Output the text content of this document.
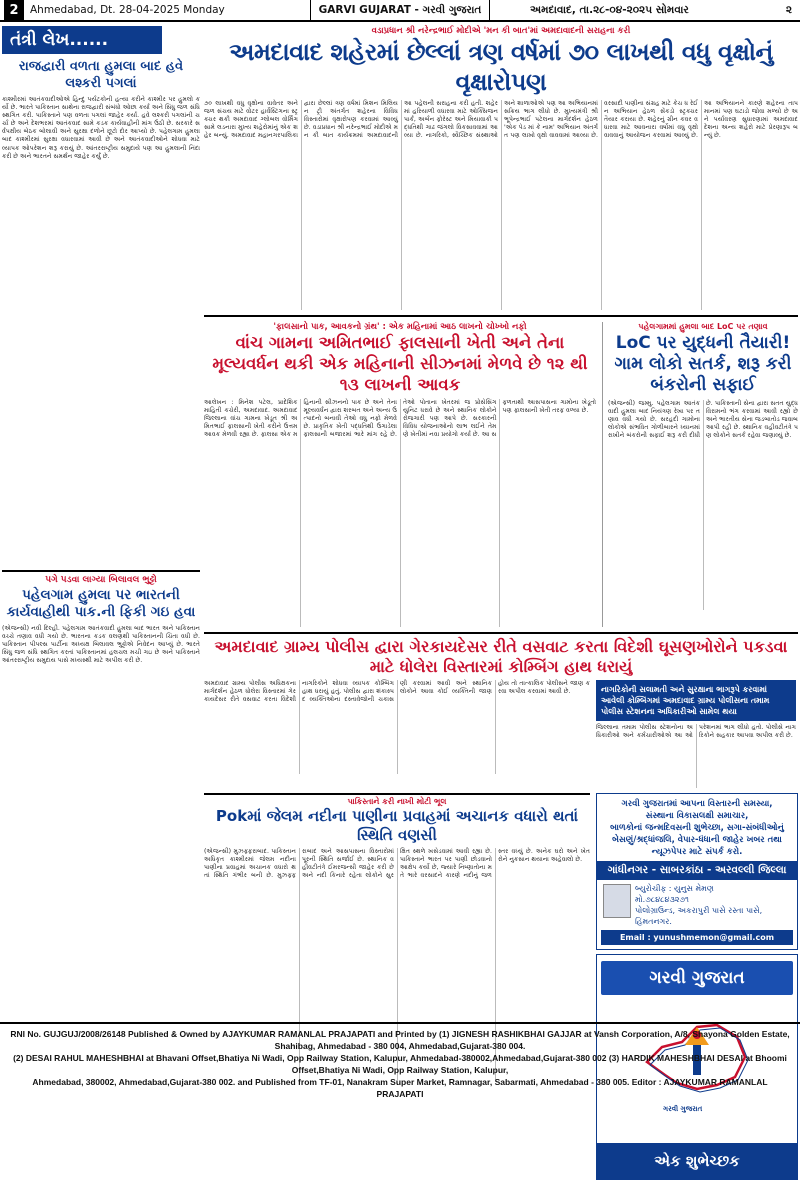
2	Ahmedabad, Dt. 28-04-2025 Monday	GARVI GUJARAT - ગરવી ગુજરાત	અમદાવાદ, તા.૨૮-૦૪-૨૦૨૫ સોમવાર	૨
તંત્રી લેખ......
રાજદ્વારી વળતા હુમલા બાદ હવે લશ્કરી પગલાં
કાશ્મીરમાં આતંકવાદીઓએ હિન્દુ પર્યટકોની હત્યા કરીને કાશ્મીર પર હુમલો કર્યો છે. ભારતે પાકિસ્તાન સાથેના રાજદ્વારી સંબંધો ઓછા કર્યા અને સિંધુ જળ સંધિ સ્થગિત કરી. પાકિસ્તાને પણ વળતા પગલાં જાહેર કર્યા. હવે લશ્કરી પગલાંની ચર્ચા છે અને દેશભરમાં આતંકવાદ સામે કડક કાર્યવાહીની માંગ ઉઠી છે. સરકારે સર્વપક્ષીય બેઠક બોલાવી અને સુરક્ષા દળોને છૂટો દોર આપ્યો છે. પહેલગામ હુમલા બાદ કાશ્મીરમાં સુરક્ષા વધારવામાં આવી છે અને આતંકવાદીઓને શોધવા માટે વ્યાપક ઓપરેશન શરૂ કરાયું છે. આંતરરાષ્ટ્રીય સમુદાયે પણ આ હુમલાની નિંદા કરી છે અને ભારતને સમર્થન જાહેર કર્યું છે.
પગે પડવા લાગ્યા બિલાવલ ભુટ્ટો
પહેલગામ હુમલા પર ભારતની કાર્યવાહીથી પાક.ની ફિકી ગઇ હવા
(એજન્સી) નવી દિલ્હી. પહેલગામ આતંકવાદી હુમલા બાદ ભારત અને પાકિસ્તાન વચ્ચે તણાવ વધી ગયો છે. ભારતના કડક વલણથી પાકિસ્તાનની ચિંતા વધી છે. પાકિસ્તાન પીપલ્સ પાર્ટીના અધ્યક્ષ બિલાવલ ભુટ્ટોએ નિવેદન આપ્યું છે. ભારતે સિંધુ જળ સંધિ સ્થગિત કરતાં પાકિસ્તાનમાં હલચલ મચી ગઇ છે અને પાકિસ્તાને આંતરરાષ્ટ્રીય સમુદાય પાસે મધ્યસ્થી માટે અપીલ કરી છે.
વડાપ્રધાન શ્રી નરેન્દ્રભાઈ મોદીએ 'મન કી બાત'માં અમદાવાદની સરાહના કરી
અમદાવાદ શહેરમાં છેલ્લાં ત્રણ વર્ષમાં ૭૦ લાખથી વધુ વૃક્ષોનું વૃક્ષારોપણ
૭૦ લાખથી વધુ વૃક્ષોના વાવેતર અને જળ સંચય માટે વોટર હાર્વેસ્ટિંગના સ્ટ્રક્ચર થકી અમદાવાદ ગ્લોબલ વોર્મિંગ સામે લડનારા મુખ્ય શહેરોમાંનું એક શહેર બન્યું. અમદાવાદ મહાનગરપાલિકા દ્વારા છેલ્લાં ત્રણ વર્ષમાં મિશન મિલિયન ટ્રી અંતર્ગત શહેરના વિવિધ વિસ્તારોમાં વૃક્ષારોપણ કરવામાં આવ્યું છે. વડાપ્રધાન શ્રી નરેન્દ્રભાઈ મોદીએ મન કી બાત કાર્યક્રમમાં અમદાવાદની આ પહેલની સરાહના કરી હતી. શહેરમાં હરિયાળી વધારવા માટે ઓક્સિજન પાર્ક, અર્બન ફોરેસ્ટ અને મિયાવાકી પદ્ધતિથી ગાઢ જંગલો વિકસાવવામાં આવ્યા છે. નાગરિકો, સ્વૈચ્છિક સંસ્થાઓ અને શાળાઓએ પણ આ અભિયાનમાં સક્રિય ભાગ લીધો છે. મુખ્યમંત્રી શ્રી ભૂપેન્દ્રભાઈ પટેલના માર્ગદર્શન હેઠળ 'એક પેડ માં કે નામ' અભિયાન અંતર્ગત પણ લાખો વૃક્ષો વાવવામાં આવ્યા છે. વરસાદી પાણીના સંગ્રહ માટે કેચ ધ રેઈન અભિયાન હેઠળ સેંકડો સ્ટ્રક્ચર તૈયાર કરાયા છે. શહેરનું ગ્રીન કવર વધારવા માટે આવનારા વર્ષોમાં વધુ વૃક્ષો વાવવાનું આયોજન કરવામાં આવ્યું છે. આ અભિયાનને કારણે શહેરના તાપમાનમાં પણ ઘટાડો જોવા મળ્યો છે અને પર્યાવરણ સુધારણામાં અમદાવાદ દેશના અન્ય શહેરો માટે પ્રેરણારૂપ બન્યું છે.
'ફાલસાનો પાક, આવકનો ગ્રંથ' : એક મહિનામાં આઠ લાખનો ચોખ્ખો નફો
વાંચ ગામના અમિતભાઈ ફાલસાની ખેતી અને તેના મૂલ્યવર્ધન થકી એક મહિનાની સીઝનમાં મેળવે છે ૧૨ થી ૧૩ લાખની આવક
આલેખન : મિનેશ પટેલ, પ્રાદેશિક માહિતી કચેરી, અમદાવાદ. અમદાવાદ જિલ્લાના વાંચ ગામના ખેડૂત શ્રી અમિતભાઈ ફાલસાની ખેતી કરીને ઉત્તમ આવક મેળવી રહ્યા છે. ફાલસા એક મહિનાની સીઝનનો પાક છે અને તેના મૂલ્યવર્ધન દ્વારા શરબત અને અન્ય ઉત્પાદનો બનાવી તેઓ વધુ નફો મેળવે છે. પ્રાકૃતિક ખેતી પદ્ધતિથી ઉગાડેલા ફાલસાની બજારમાં ભારે માંગ રહે છે. તેઓ પોતાના ખેતરમાં જ પ્રોસેસિંગ યુનિટ ધરાવે છે અને સ્થાનિક લોકોને રોજગારી પણ આપે છે. સરકારની વિવિધ યોજનાઓનો લાભ લઈને તેમણે ખેતીમાં નવા પ્રયોગો કર્યા છે. આ સફળતાથી આસપાસના ગામોના ખેડૂતો પણ ફાલસાની ખેતી તરફ વળ્યા છે.
પહેલગામમાં હુમલા બાદ LoC પર તણાવ
LoC પર યુદ્ધની તૈયારી! ગામ લોકો સતર્ક, શરૂ કરી બંકરોની સફાઈ
(એજન્સી) જમ્મુ. પહેલગામ આતંકવાદી હુમલા બાદ નિયંત્રણ રેખા પર તણાવ વધી ગયો છે. સરહદી ગામોના લોકોએ સંભવિત ગોળીબારને ધ્યાનમાં રાખીને બંકરોની સફાઈ શરૂ કરી દીધી છે. પાકિસ્તાની સેના દ્વારા સતત યુદ્ધવિરામનો ભંગ કરવામાં આવી રહ્યો છે અને ભારતીય સેના જડબાતોડ જવાબ આપી રહી છે. સ્થાનિક વહીવટીતંત્રે પણ લોકોને સતર્ક રહેવા જણાવ્યું છે.
અમદાવાદ ગ્રામ્ય પોલીસ દ્વારા ગેરકાયદેસર રીતે વસવાટ કરતા વિદેશી ઘૂસણખોરોને પકડવા માટે ધોલેરા વિસ્તારમાં કોમ્બિંગ હાથ ધરાયું
અમદાવાદ ગ્રામ્ય પોલીસ અધિક્ષકના માર્ગદર્શન હેઠળ ધોલેરા વિસ્તારમાં ગેરકાયદેસર રીતે વસવાટ કરતા વિદેશી નાગરિકોને શોધવા વ્યાપક કોમ્બિંગ હાથ ધરાયું હતું. પોલીસ દ્વારા શંકાસ્પદ વ્યક્તિઓના દસ્તાવેજોની ચકાસણી કરવામાં આવી અને સ્થાનિક લોકોને આવા કોઈ વ્યક્તિની જાણ હોય તો તાત્કાલિક પોલીસને જાણ કરવા અપીલ કરવામાં આવી છે.	નાગરિકોની સલામતી અને સુરક્ષાના ભાગરૂપે કરવામાં આવેલી કોમ્બિંગમાં અમદાવાદ ગ્રામ્ય પોલીસના તમામ પોલીસ સ્ટેશનના અધિકારીઓ સામેલ થયા
જિલ્લાના તમામ પોલીસ સ્ટેશનોના અધિકારીઓ અને કર્મચારીઓએ આ ઓપરેશનમાં ભાગ લીધો હતો. પોલીસે નાગરિકોને સહકાર આપવા અપીલ કરી છે.
પાકિસ્તાને કરી નાખી મોટી ભૂલ
Pokમાં જેલમ નદીના પાણીના પ્રવાહમાં અચાનક વધારો થતાં સ્થિતિ વણસી
(એજન્સી) મુઝફ્ફરાબાદ. પાકિસ્તાન અધિકૃત કાશ્મીરમાં જેલમ નદીના પાણીના પ્રવાહમાં અચાનક વધારો થતાં સ્થિતિ ગંભીર બની છે. મુઝફ્ફરાબાદ અને આસપાસના વિસ્તારોમાં પૂરની સ્થિતિ સર્જાઈ છે. સ્થાનિક વહીવટીતંત્રે ઈમરજન્સી જાહેર કરી છે અને નદી કિનારે રહેતા લોકોને સુરક્ષિત સ્થળે ખસેડવામાં આવી રહ્યા છે. પાકિસ્તાને ભારત પર પાણી છોડવાનો આક્ષેપ કર્યો છે, જ્યારે નિષ્ણાતોના મતે ભારે વરસાદને કારણે નદીનું જળસ્તર વધ્યું છે. અનેક ઘરો અને ખેતરોને નુકસાન થયાના અહેવાલો છે.
ગરવી ગુજરાતમાં આપના વિસ્તારની સમસ્યા,
સંસ્થાના વિકાસલક્ષી સમાચાર,
બાળકોનાં જન્મદિવસની શુભેચ્છા, સગા-સંબંધીઓનું
બેસણું/શ્રદ્ધાંજલિ, વેપાર-ધંધાની જાહેર ખબર તથા
ન્યૂઝપેપર માટે સંપર્ક કરો.
ગાંધીનગર - સાબરકાંઠા - અરવલ્લી જિલ્લા
બ્યુરોચીફ : યુનુસ મેમણ
મો.૭૮૪૮૪૩૨૭૧
પોલોગ્રાઉન્ડ, અકરાપુરી પાસે રસ્તા પાસે, હિંમતનગર.
Email : yunushmemon@gmail.com
ગરવી ગુજરાત
ગરવી ગુજરાત
એક શુભેચ્છક
RNI No. GUJGUJ/2008/26148 Published & Owned by AJAYKUMAR RAMANLAL PRAJAPATI and Printed by (1) JIGNESH RASHIKBHAI GAJJAR at Vansh Corporation, A/8, Shayona Golden Estate, Shahibag, Ahmedabad - 380 004, Ahmedabad,Gujarat-380 004.
(2) DESAI RAHUL MAHESHBHAI at Bhavani Offset,Bhatiya Ni Wadi, Opp Railway Station, Kalupur, Ahmedabad-380002,Ahmedabad,Gujarat-380 002 (3) HARDIK MAHESHBHAI DESAI at Bhoomi Offset,Bhatiya Ni Wadi, Opp Railway Station, Kalupur,
Ahmedabad, 380002, Ahmedabad,Gujarat-380 002. and Published from TF-01, Nanakram Super Market, Ramnagar, Sabarmati, Ahmedabad - 380 005. Editor : AJAYKUMAR RAMANLAL PRAJAPATI
